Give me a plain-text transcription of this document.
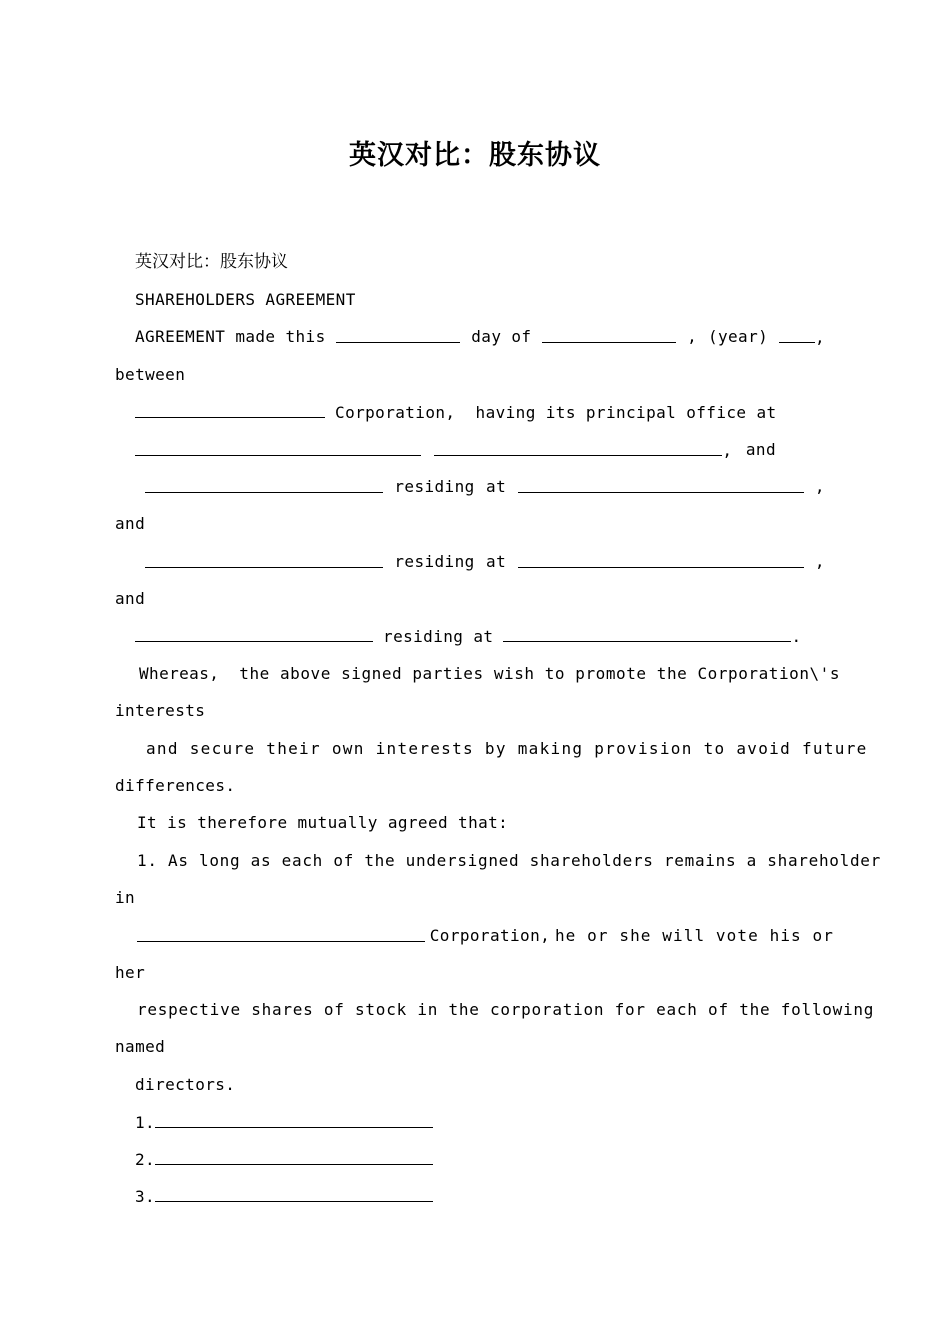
英汉对比：股东协议
英汉对比：股东协议
SHAREHOLDERS AGREEMENT
AGREEMENT made this	day of	, (year)	,
between
Corporation, having its principal office at
, and
residing at	,
and
residing at	,
and
residing at	.
Whereas, the above signed parties wish to promote the Corporation\'s
interests
and secure their own interests by making provision to avoid future
differences.
It is therefore mutually agreed that:
1. As long as each of the undersigned shareholders remains a shareholder
in
Corporation, he or she will vote his or
her
respective shares of stock in the corporation for each of the following
named
directors.
1.
2.
3.
